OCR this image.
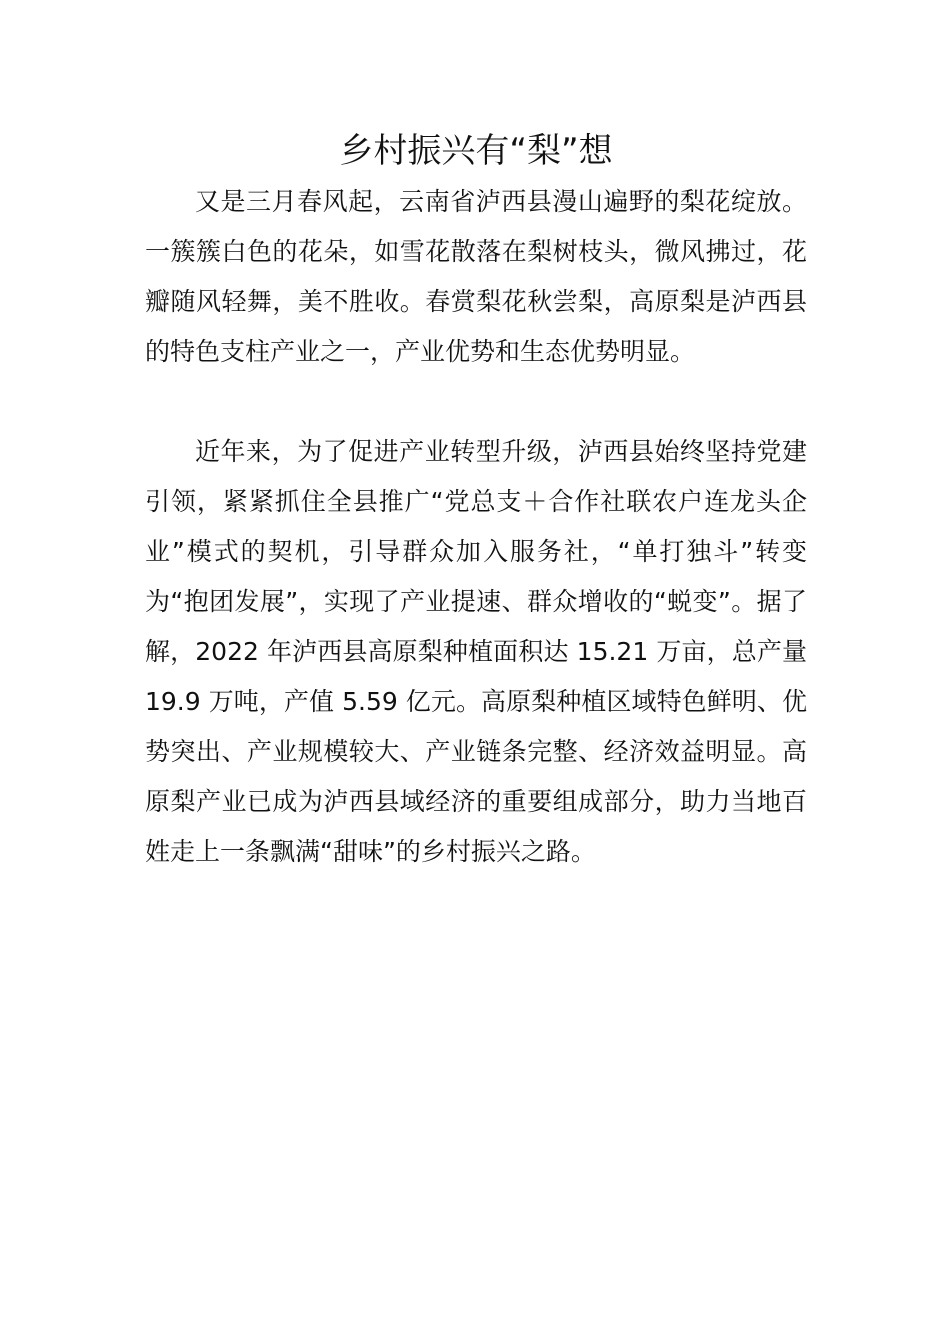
乡村振兴有“梨”想

又是三月春风起，云南省泸西县漫山遍野的梨花绽放。一簇簇白色的花朵，如雪花散落在梨树枝头，微风拂过，花瓣随风轻舞，美不胜收。春赏梨花秋尝梨，高原梨是泸西县的特色支柱产业之一，产业优势和生态优势明显。

近年来，为了促进产业转型升级，泸西县始终坚持党建引领，紧紧抓住全县推广“党总支＋合作社联农户连龙头企业”模式的契机，引导群众加入服务社，“单打独斗”转变为“抱团发展”，实现了产业提速、群众增收的“蜕变”。据了解，2022 年泸西县高原梨种植面积达 15.21 万亩，总产量 19.9 万吨，产值 5.59 亿元。高原梨种植区域特色鲜明、优势突出、产业规模较大、产业链条完整、经济效益明显。高原梨产业已成为泸西县域经济的重要组成部分，助力当地百姓走上一条飘满“甜味”的乡村振兴之路。
